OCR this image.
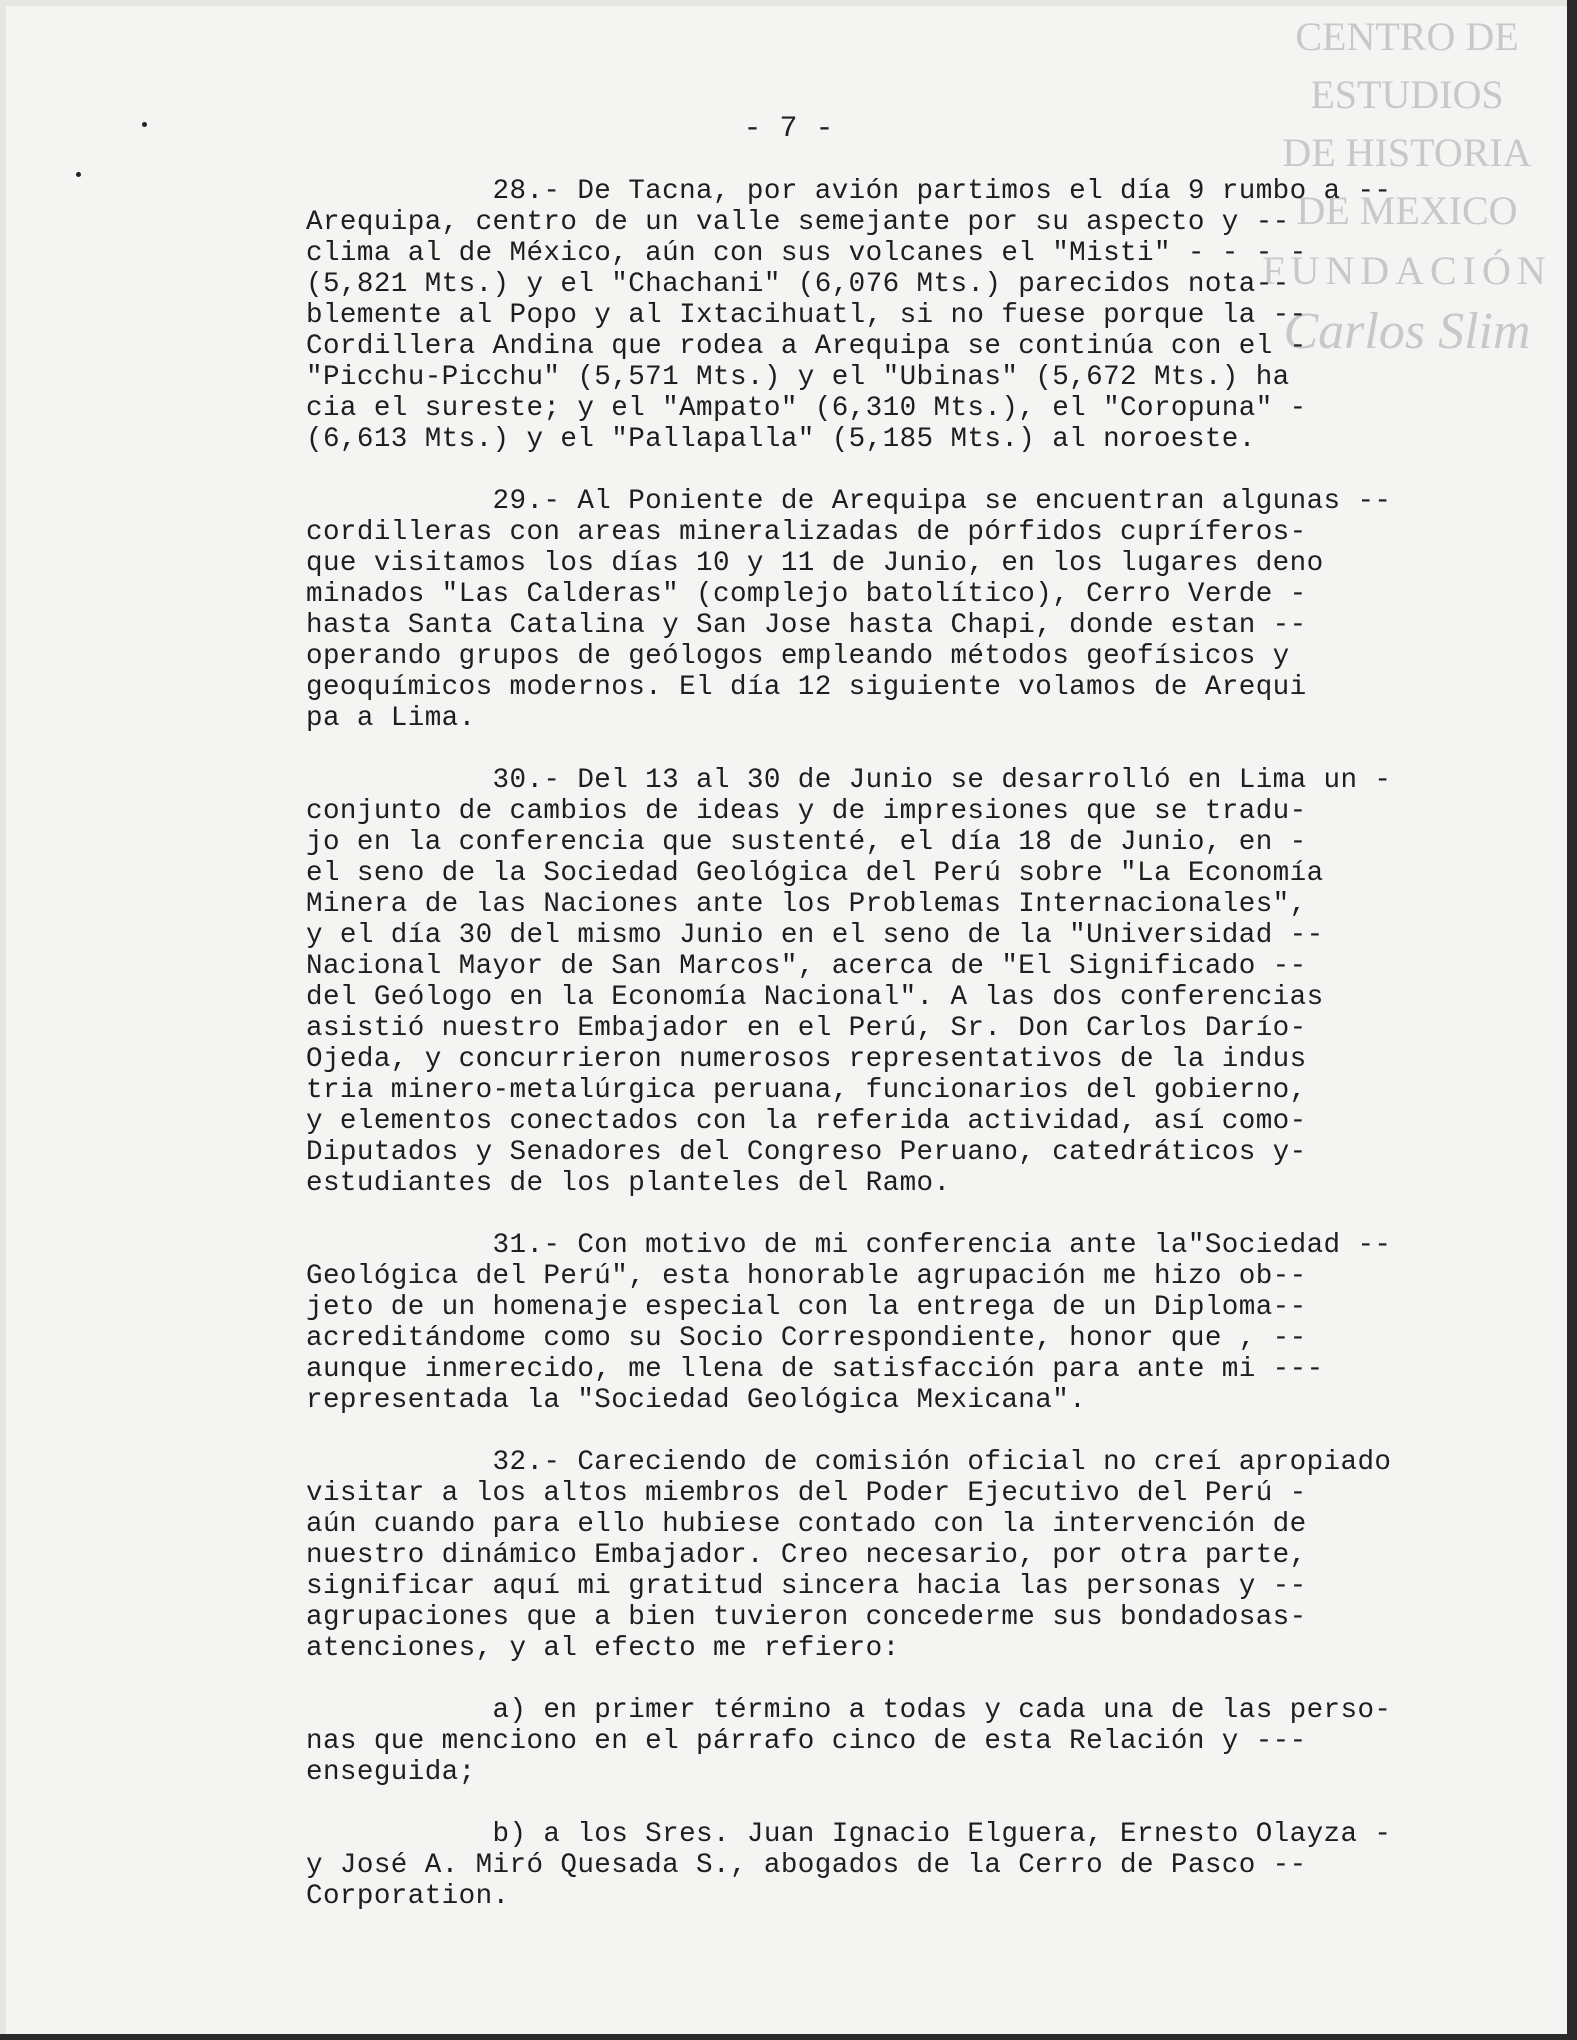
CENTRO DE
ESTUDIOS
DE HISTORIA
DE MEXICO
FUNDACIÓN
Carlos Slim
- 7 -
28.- De Tacna, por avión partimos el día 9 rumbo a --
Arequipa, centro de un valle semejante por su aspecto y --
clima al de México, aún con sus volcanes el "Misti" - - - -
(5,821 Mts.) y el "Chachani" (6,076 Mts.) parecidos nota--
blemente al Popo y al Ixtacihuatl, si no fuese porque la --
Cordillera Andina que rodea a Arequipa se continúa con el -
"Picchu-Picchu" (5,571 Mts.) y el "Ubinas" (5,672 Mts.) ha
cia el sureste; y el "Ampato" (6,310 Mts.), el "Coropuna" -
(6,613 Mts.) y el "Pallapalla" (5,185 Mts.) al noroeste.
29.- Al Poniente de Arequipa se encuentran algunas --
cordilleras con areas mineralizadas de pórfidos cupríferos-
que visitamos los días 10 y 11 de Junio, en los lugares deno
minados "Las Calderas" (complejo batolítico), Cerro Verde -
hasta Santa Catalina y San Jose hasta Chapi, donde estan --
operando grupos de geólogos empleando métodos geofísicos y
geoquímicos modernos. El día 12 siguiente volamos de Arequi
pa a Lima.
30.- Del 13 al 30 de Junio se desarrolló en Lima un -
conjunto de cambios de ideas y de impresiones que se tradu-
jo en la conferencia que sustenté, el día 18 de Junio, en -
el seno de la Sociedad Geológica del Perú sobre "La Economía
Minera de las Naciones ante los Problemas Internacionales",
y el día 30 del mismo Junio en el seno de la "Universidad --
Nacional Mayor de San Marcos", acerca de "El Significado --
del Geólogo en la Economía Nacional". A las dos conferencias
asistió nuestro Embajador en el Perú, Sr. Don Carlos Darío-
Ojeda, y concurrieron numerosos representativos de la indus
tria minero-metalúrgica peruana, funcionarios del gobierno,
y elementos conectados con la referida actividad, así como-
Diputados y Senadores del Congreso Peruano, catedráticos y-
estudiantes de los planteles del Ramo.
31.- Con motivo de mi conferencia ante la"Sociedad --
Geológica del Perú", esta honorable agrupación me hizo ob--
jeto de un homenaje especial con la entrega de un Diploma--
acreditándome como su Socio Correspondiente, honor que , --
aunque inmerecido, me llena de satisfacción para ante mi ---
representada la "Sociedad Geológica Mexicana".
32.- Careciendo de comisión oficial no creí apropiado
visitar a los altos miembros del Poder Ejecutivo del Perú -
aún cuando para ello hubiese contado con la intervención de
nuestro dinámico Embajador. Creo necesario, por otra parte,
significar aquí mi gratitud sincera hacia las personas y --
agrupaciones que a bien tuvieron concederme sus bondadosas-
atenciones, y al efecto me refiero:
a) en primer término a todas y cada una de las perso-
nas que menciono en el párrafo cinco de esta Relación y ---
enseguida;
b) a los Sres. Juan Ignacio Elguera, Ernesto Olayza -
y José A. Miró Quesada S., abogados de la Cerro de Pasco --
Corporation.
